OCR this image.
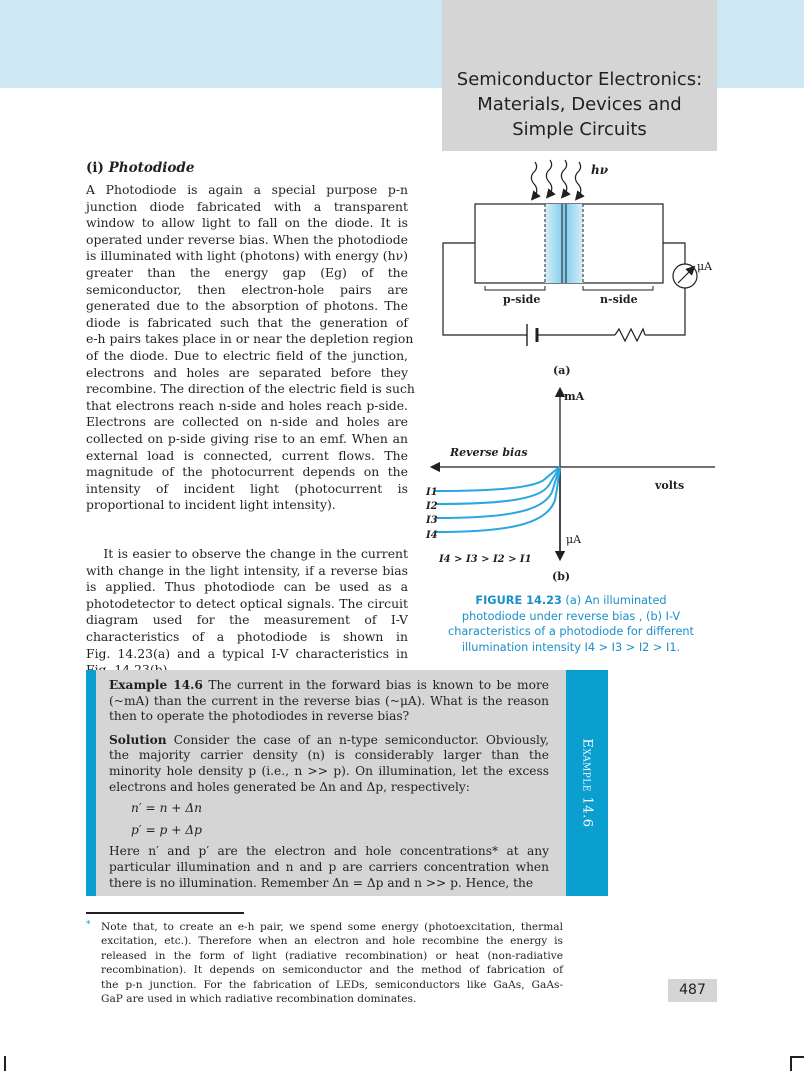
Semiconductor Electronics:
Materials, Devices and
Simple Circuits
(i) Photodiode
A Photodiode is again a special purpose p-n
junction diode fabricated with a transparent
window to allow light to fall on the diode. It is
operated under reverse bias. When the photodiode
is illuminated with light (photons) with energy (hν)
greater than the energy gap (Eg) of the
semiconductor, then electron-hole pairs are
generated due to the absorption of photons. The
diode is fabricated such that the generation of
e-h pairs takes place in or near the depletion region
of the diode. Due to electric field of the junction,
electrons and holes are separated before they
recombine. The direction of the electric field is such
that electrons reach n-side and holes reach p-side.
Electrons are collected on n-side and holes are
collected on p-side giving rise to an emf. When an
external load is connected, current flows. The
magnitude of the photocurrent depends on the
intensity of incident light (photocurrent is
proportional to incident light intensity).
It is easier to observe the change in the current
with change in the light intensity, if a reverse bias
is applied. Thus photodiode can be used as a
photodetector to detect optical signals. The circuit
diagram used for the measurement of I-V
characteristics of a photodiode is shown in
Fig. 14.23(a) and a typical I-V characteristics in
hν
p-side	n-side
μA
(a)
mA
μA
volts
Reverse bias
I1
I2
I3
I4
I4 > I3 > I2 > I1
(b)
FIGURE 14.23 (a) An illuminated
photodiode under reverse bias , (b) I-V
characteristics of a photodiode for different
illumination intensity I4 > I3 > I2 > I1.
Example 14.6
Example 14.6 The current in the forward bias is known to be more
(~mA) than the current in the reverse bias (~μA). What is the reason
then to operate the photodiodes in reverse bias?
Solution Consider the case of an n-type semiconductor. Obviously,
the majority carrier density (n) is considerably larger than the
minority hole density p (i.e., n >> p). On illumination, let the excess
electrons and holes generated be Δn and Δp, respectively:
n′ = n + Δn
p′ = p + Δp
Here n′ and p′ are the electron and hole concentrations* at any
particular illumination and n and p are carriers concentration when
there is no illumination. Remember Δn = Δp and n >> p. Hence, the
* Note that, to create an e-h pair, we spend some energy (photoexcitation, thermal
excitation, etc.). Therefore when an electron and hole recombine the energy is
released in the form of light (radiative recombination) or heat (non-radiative
recombination). It depends on semiconductor and the method of fabrication of
the p-n junction. For the fabrication of LEDs, semiconductors like GaAs, GaAs-
GaP are used in which radiative recombination dominates.
487
